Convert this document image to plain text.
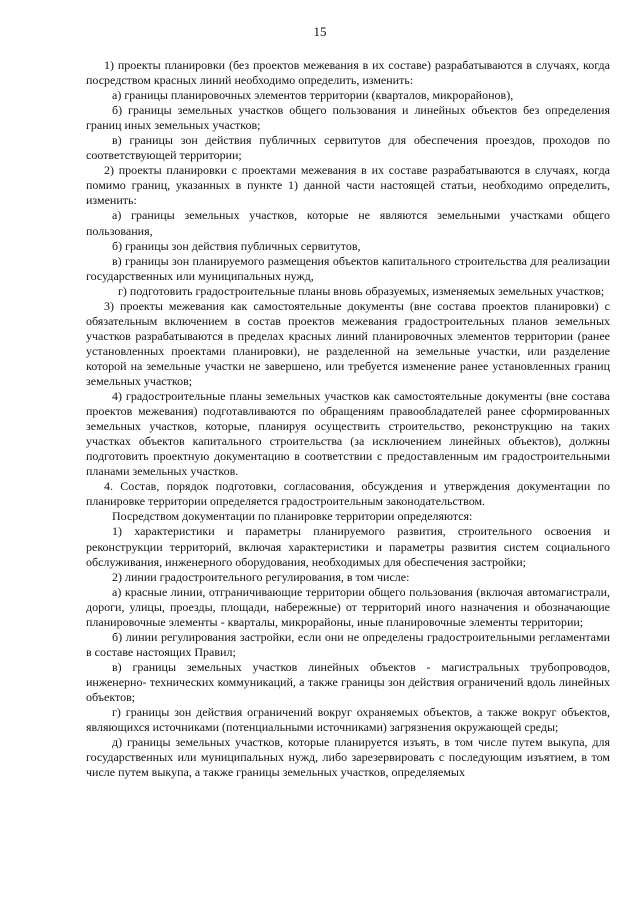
15

1) проекты планировки (без проектов межевания в их составе) разрабатываются в случаях, когда посредством красных линий необходимо определить, изменить:

а) границы планировочных элементов территории (кварталов, микрорайонов),

б) границы земельных участков общего пользования и линейных объектов без определения границ иных земельных участков;

в) границы зон действия публичных сервитутов для обеспечения проездов, проходов по соответствующей территории;

2) проекты планировки с проектами межевания в их составе разрабатываются в случаях, когда помимо границ, указанных в пункте 1) данной части настоящей статьи, необходимо определить, изменить:

а) границы земельных участков, которые не являются земельными участками общего пользования,

б) границы зон действия публичных сервитутов,

в) границы зон планируемого размещения объектов капитального строительства для реализации государственных или муниципальных нужд,

г) подготовить градостроительные планы вновь образуемых, изменяемых земельных участков;

3) проекты межевания как самостоятельные документы (вне состава проектов планировки) с обязательным включением в состав проектов межевания градостроительных планов земельных участков разрабатываются в пределах красных линий планировочных элементов территории (ранее установленных проектами планировки), не разделенной на земельные участки, или разделение которой на земельные участки не завершено, или требуется изменение ранее установленных границ земельных участков;

4) градостроительные планы земельных участков как самостоятельные документы (вне состава проектов межевания) подготавливаются по обращениям правообладателей ранее сформированных земельных участков, которые, планируя осуществить строительство, реконструкцию на таких участках объектов капитального строительства (за исключением линейных объектов), должны подготовить проектную документацию в соответствии с предоставленным им градостроительными планами земельных участков.

4. Состав, порядок подготовки, согласования, обсуждения и утверждения документации по планировке территории определяется градостроительным законодательством.

Посредством документации по планировке территории определяются:

1) характеристики и параметры планируемого развития, строительного освоения и реконструкции территорий, включая характеристики и параметры развития систем социального обслуживания, инженерного оборудования, необходимых для обеспечения застройки;

2) линии градостроительного регулирования, в том числе:

а) красные линии, отграничивающие территории общего пользования (включая автомагистрали, дороги, улицы, проезды, площади, набережные) от территорий иного назначения и обозначающие планировочные элементы - кварталы, микрорайоны, иные планировочные элементы территории;

б) линии регулирования застройки, если они не определены градостроительными регламентами в составе настоящих Правил;

в) границы земельных участков линейных объектов - магистральных трубопроводов, инженерно- технических коммуникаций, а также границы зон действия ограничений вдоль линейных объектов;

г) границы зон действия ограничений вокруг охраняемых объектов, а также вокруг объектов, являющихся источниками (потенциальными источниками) загрязнения окружающей среды;

д) границы земельных участков, которые планируется изъять, в том числе путем выкупа, для государственных или муниципальных нужд, либо зарезервировать с последующим изъятием, в том числе путем выкупа, а также границы земельных участков, определяемых
